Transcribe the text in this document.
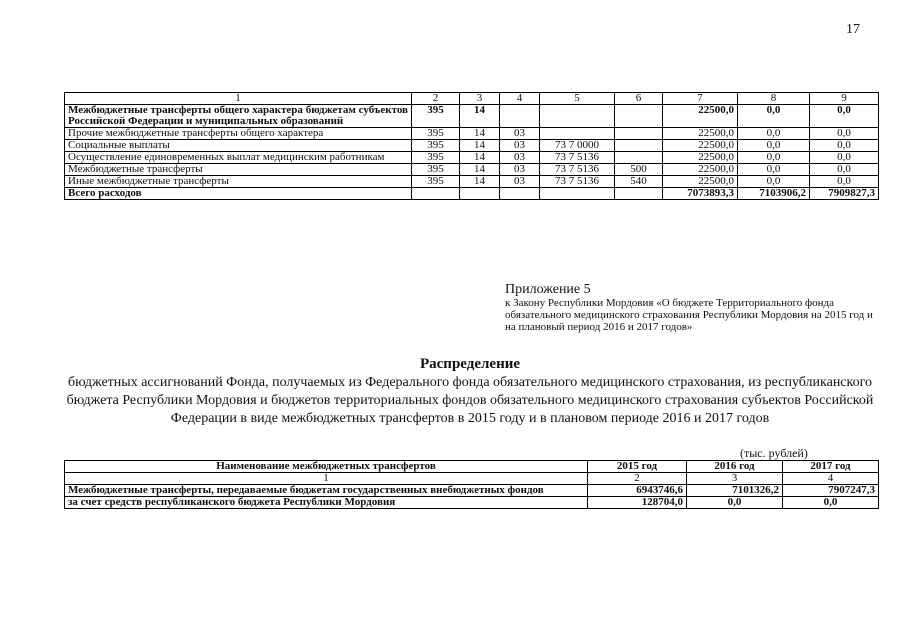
17
1	2	3	4	5	6	7	8	9
Межбюджетные трансферты общего характера бюджетам субъектов Российской Федерации и муниципальных образований	395	14				22500,0	0,0	0,0
Прочие межбюджетные трансферты общего характера	395	14	03			22500,0	0,0	0,0
Социальные выплаты	395	14	03	73 7 0000		22500,0	0,0	0,0
Осуществление единовременных выплат медицинским работникам	395	14	03	73 7 5136		22500,0	0,0	0,0
Межбюджетные трансферты	395	14	03	73 7 5136	500	22500,0	0,0	0,0
Иные межбюджетные трансферты	395	14	03	73 7 5136	540	22500,0	0,0	0,0
Всего расходов						7073893,3	7103906,2	7909827,3
Приложение 5
к Закону Республики Мордовия «О бюджете Территориального фонда обязательного медицинского страхования Республики Мордовия на 2015 год и на плановый период 2016 и 2017 годов»
Распределение
бюджетных ассигнований Фонда, получаемых из Федерального фонда обязательного медицинского страхования, из республиканского бюджета Республики Мордовия и бюджетов территориальных фондов обязательного медицинского страхования субъектов Российской Федерации в виде межбюджетных трансфертов в 2015 году и в плановом периоде 2016 и 2017 годов
(тыс. рублей)
Наименование межбюджетных трансфертов	2015 год	2016 год	2017 год
1	2	3	4
Межбюджетные трансферты, передаваемые бюджетам государственных внебюджетных фондов	6943746,6	7101326,2	7907247,3
за счет средств республиканского бюджета Республики Мордовия	128704,0	0,0	0,0
